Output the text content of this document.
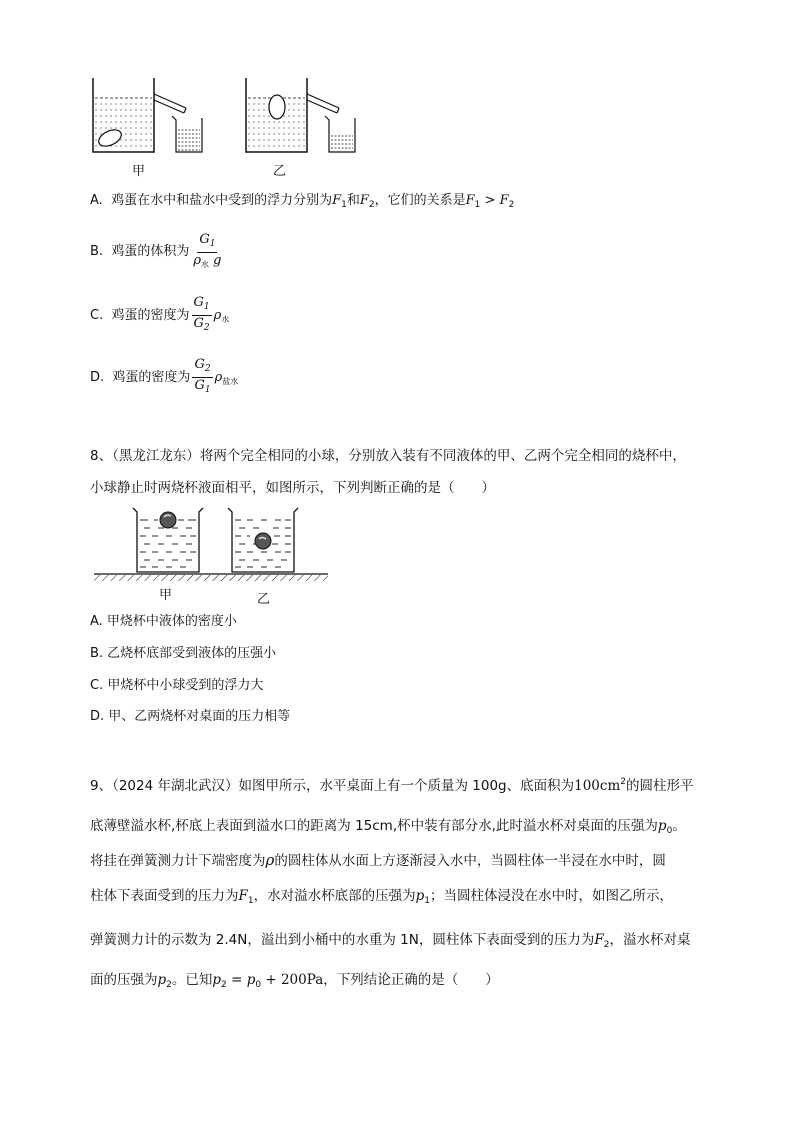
甲	乙
A. 鸡蛋在水中和盐水中受到的浮力分别为$F_1$和$F_2$，它们的关系是$F_1 > F_2$
B. 鸡蛋的体积为 $\frac{G_1}{\rho_水 g}$
C. 鸡蛋的密度为 $\frac{G_1}{G_2} \rho_水$
D. 鸡蛋的密度为 $\frac{G_2}{G_1} \rho_{盐水}$
8、（黑龙江龙东）将两个完全相同的小球，分别放入装有不同液体的甲、乙两个完全相同的烧杯中，
小球静止时两烧杯液面相平，如图所示，下列判断正确的是（　　）
甲	乙
A. 甲烧杯中液体的密度小
B. 乙烧杯底部受到液体的压强小
C. 甲烧杯中小球受到的浮力大
D. 甲、乙两烧杯对桌面的压力相等
9、（2024 年湖北武汉）如图甲所示，水平桌面上有一个质量为 100g、底面积为$100cm^2$的圆柱形平
底薄壁溢水杯,杯底上表面到溢水口的距离为 15cm,杯中装有部分水,此时溢水杯对桌面的压强为$p_0$。
将挂在弹簧测力计下端密度为ρ的圆柱体从水面上方逐渐浸入水中，当圆柱体一半浸在水中时，圆
柱体下表面受到的压力为$F_1$，水对溢水杯底部的压强为$p_1$；当圆柱体浸没在水中时，如图乙所示，
弹簧测力计的示数为 2.4N，溢出到小桶中的水重为 1N，圆柱体下表面受到的压力为$F_2$，溢水杯对桌
面的压强为$p_2$。已知$p_2 = p_0 + 200Pa$，下列结论正确的是（　　）
